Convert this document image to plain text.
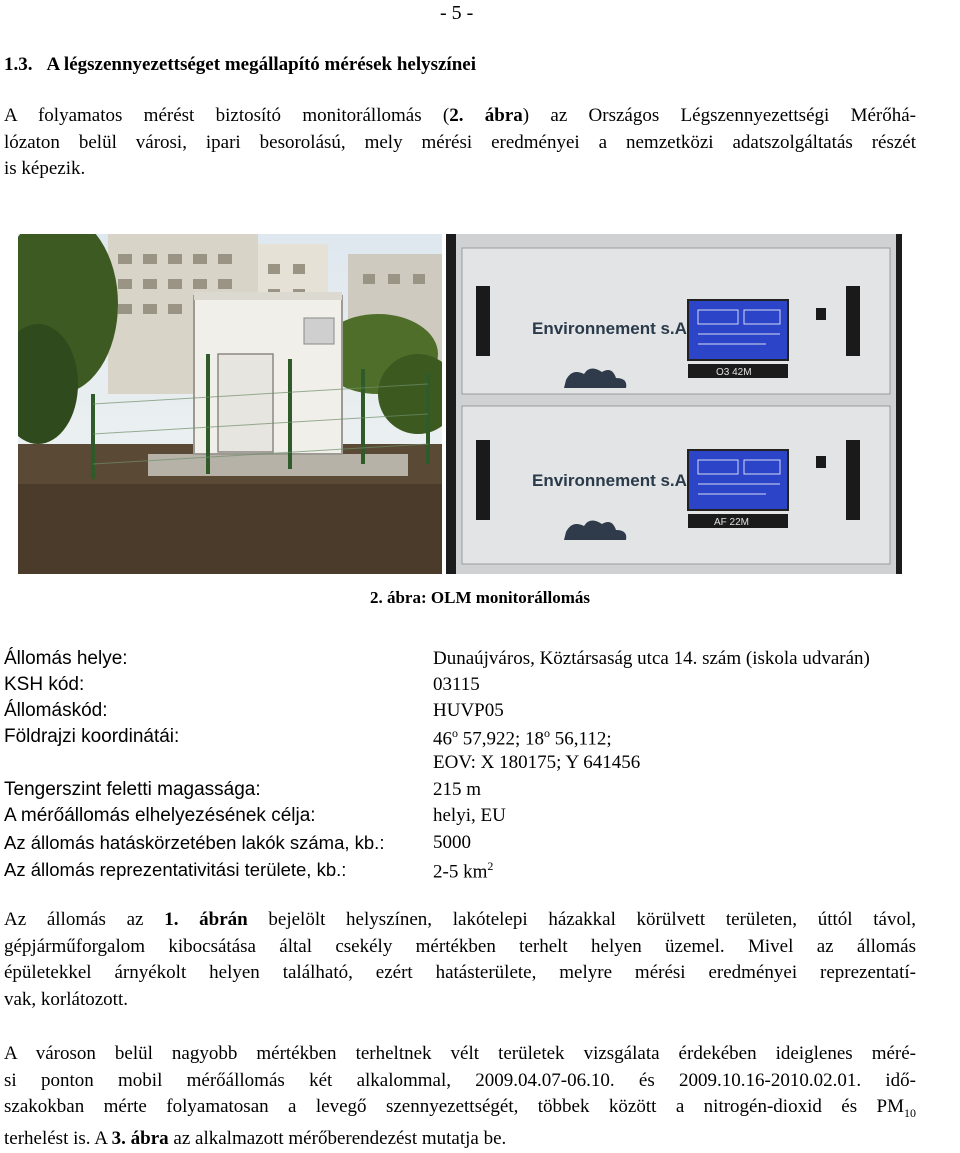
- 5 -
1.3. A légszennyezettséget megállapító mérések helyszínei
A folyamatos mérést biztosító monitorállomás (2. ábra) az Országos Légszennyezettségi Mérőhá-
lózaton belül városi, ipari besorolású, mely mérési eredményei a nemzetközi adatszolgáltatás részét
is képezik.
O3 42M
Environnement s.A
AF 22M
Environnement s.A
2. ábra: OLM monitorállomás
Állomás helye:	Dunaújváros, Köztársaság utca 14. szám (iskola udvarán)
KSH kód:	03115
Állomáskód:	HUVP05
Földrajzi koordinátái:	46$^o$ 57,922; 18$^o$ 56,112;
EOV: X 180175; Y 641456
Tengerszint feletti magassága:	215 m
A mérőállomás elhelyezésének célja:	helyi, EU
Az állomás hatáskörzetében lakók száma, kb.:	5000
Az állomás reprezentativitási területe, kb.:	2-5 $km^2$
Az állomás az 1. ábrán bejelölt helyszínen, lakótelepi házakkal körülvett területen, úttól távol,
gépjárműforgalom kibocsátása által csekély mértékben terhelt helyen üzemel. Mivel az állomás
épületekkel árnyékolt helyen található, ezért hatásterülete, melyre mérési eredményei reprezentatí-
vak, korlátozott.
A városon belül nagyobb mértékben terheltnek vélt területek vizsgálata érdekében ideiglenes méré-
si ponton mobil mérőállomás két alkalommal, 2009.04.07-06.10. és 2009.10.16-2010.02.01. idő-
szakokban mérte folyamatosan a levegő szennyezettségét, többek között a nitrogén-dioxid és $PM_{10}$
terhelést is. A 3. ábra az alkalmazott mérőberendezést mutatja be.
